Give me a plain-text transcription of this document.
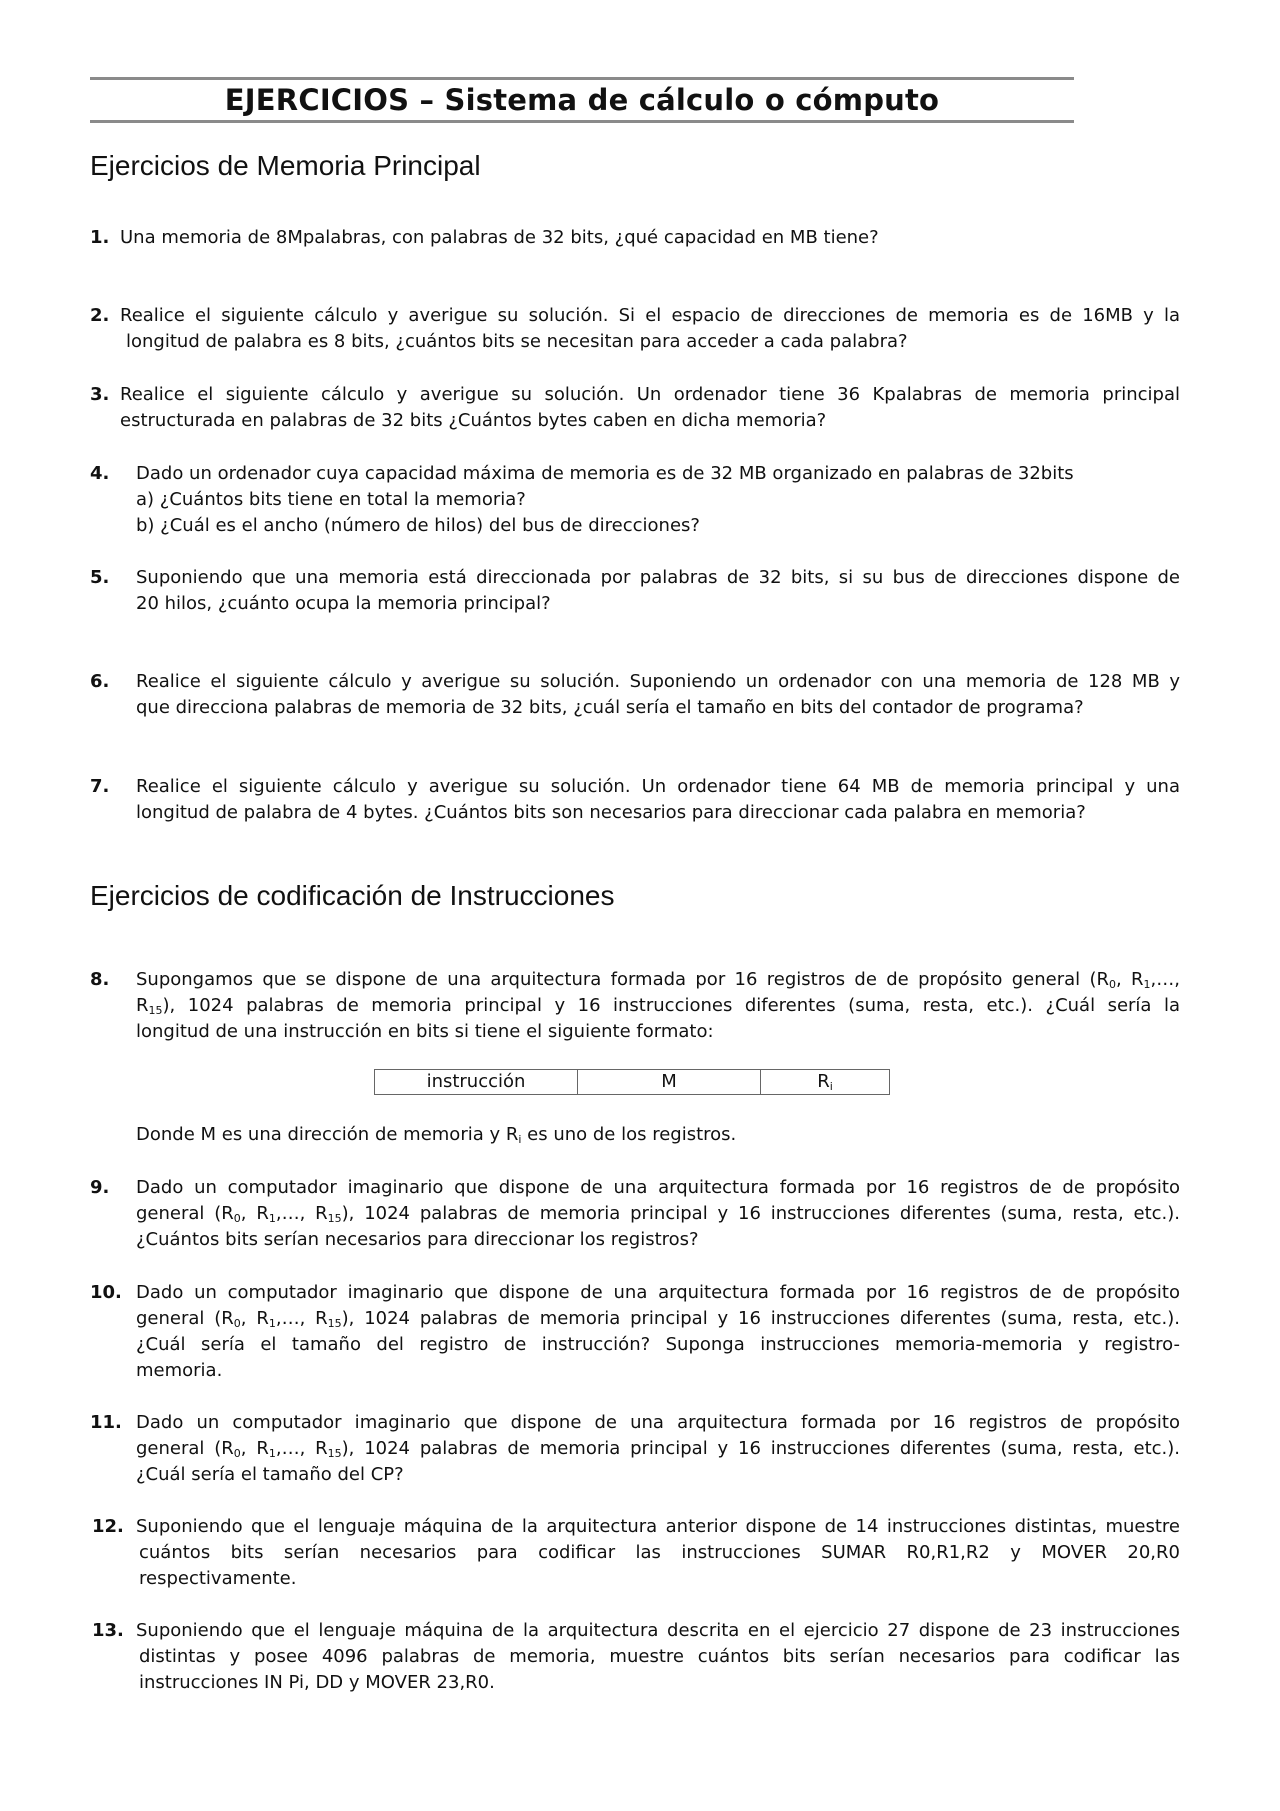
EJERCICIOS – Sistema de cálculo o cómputo
Ejercicios de Memoria Principal
1. Una memoria de 8Mpalabras, con palabras de 32 bits, ¿qué capacidad en MB tiene?
2. Realice el siguiente cálculo y averigue su solución. Si el espacio de direcciones de memoria es de 16MB y la
longitud de palabra es 8 bits, ¿cuántos bits se necesitan para acceder a cada palabra?
3. Realice el siguiente cálculo y averigue su solución. Un ordenador tiene 36 Kpalabras de memoria principal
estructurada en palabras de 32 bits ¿Cuántos bytes caben en dicha memoria?
4. Dado un ordenador cuya capacidad máxima de memoria es de 32 MB organizado en palabras de 32bits
a) ¿Cuántos bits tiene en total la memoria?
b) ¿Cuál es el ancho (número de hilos) del bus de direcciones?
5. Suponiendo que una memoria está direccionada por palabras de 32 bits, si su bus de direcciones dispone de
20 hilos, ¿cuánto ocupa la memoria principal?
6. Realice el siguiente cálculo y averigue su solución. Suponiendo un ordenador con una memoria de 128 MB y
que direcciona palabras de memoria de 32 bits, ¿cuál sería el tamaño en bits del contador de programa?
7. Realice el siguiente cálculo y averigue su solución. Un ordenador tiene 64 MB de memoria principal y una
longitud de palabra de 4 bytes. ¿Cuántos bits son necesarios para direccionar cada palabra en memoria?
Ejercicios de codificación de Instrucciones
8. Supongamos que se dispone de una arquitectura formada por 16 registros de de propósito general ($R_0$, $R_1,\dots$,
$R_{15}$), 1024 palabras de memoria principal y 16 instrucciones diferentes (suma, resta, etc.). ¿Cuál sería la
longitud de una instrucción en bits si tiene el siguiente formato:
instrucción	M	$R_i$
Donde M es una dirección de memoria y $R_i$ es uno de los registros.
9. Dado un computador imaginario que dispone de una arquitectura formada por 16 registros de de propósito
general ($R_0$, $R_1,\dots$, $R_{15}$), 1024 palabras de memoria principal y 16 instrucciones diferentes (suma, resta, etc.).
¿Cuántos bits serían necesarios para direccionar los registros?
10. Dado un computador imaginario que dispone de una arquitectura formada por 16 registros de de propósito
general ($R_0$, $R_1,\dots$, $R_{15}$), 1024 palabras de memoria principal y 16 instrucciones diferentes (suma, resta, etc.).
¿Cuál sería el tamaño del registro de instrucción? Suponga instrucciones memoria-memoria y registro-
memoria.
11. Dado un computador imaginario que dispone de una arquitectura formada por 16 registros de propósito
general ($R_0$, $R_1,\dots$, $R_{15}$), 1024 palabras de memoria principal y 16 instrucciones diferentes (suma, resta, etc.).
¿Cuál sería el tamaño del CP?
12. Suponiendo que el lenguaje máquina de la arquitectura anterior dispone de 14 instrucciones distintas, muestre
cuántos bits serían necesarios para codificar las instrucciones SUMAR R0,R1,R2 y MOVER 20,R0
respectivamente.
13. Suponiendo que el lenguaje máquina de la arquitectura descrita en el ejercicio 27 dispone de 23 instrucciones
distintas y posee 4096 palabras de memoria, muestre cuántos bits serían necesarios para codificar las
instrucciones IN Pi, DD y MOVER 23,R0.
